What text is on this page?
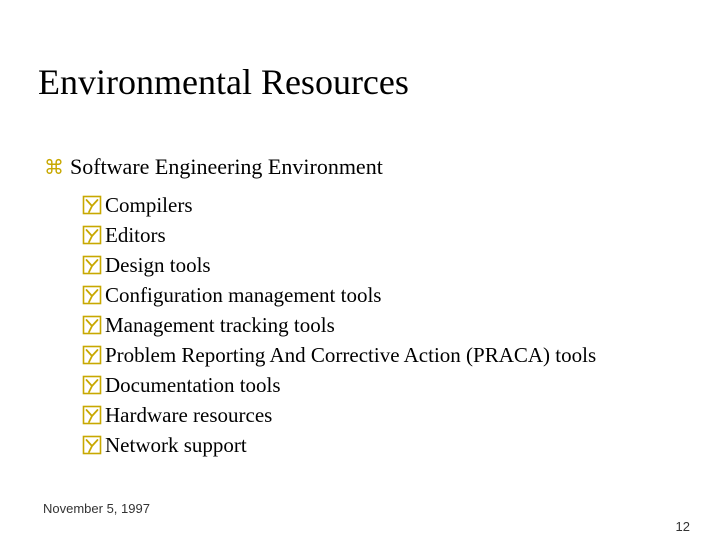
Environmental Resources
⌘ Software Engineering Environment
Compilers
Editors
Design tools
Configuration management tools
Management tracking tools
Problem Reporting And Corrective Action (PRACA) tools
Documentation tools
Hardware resources
Network support
November 5, 1997
12
